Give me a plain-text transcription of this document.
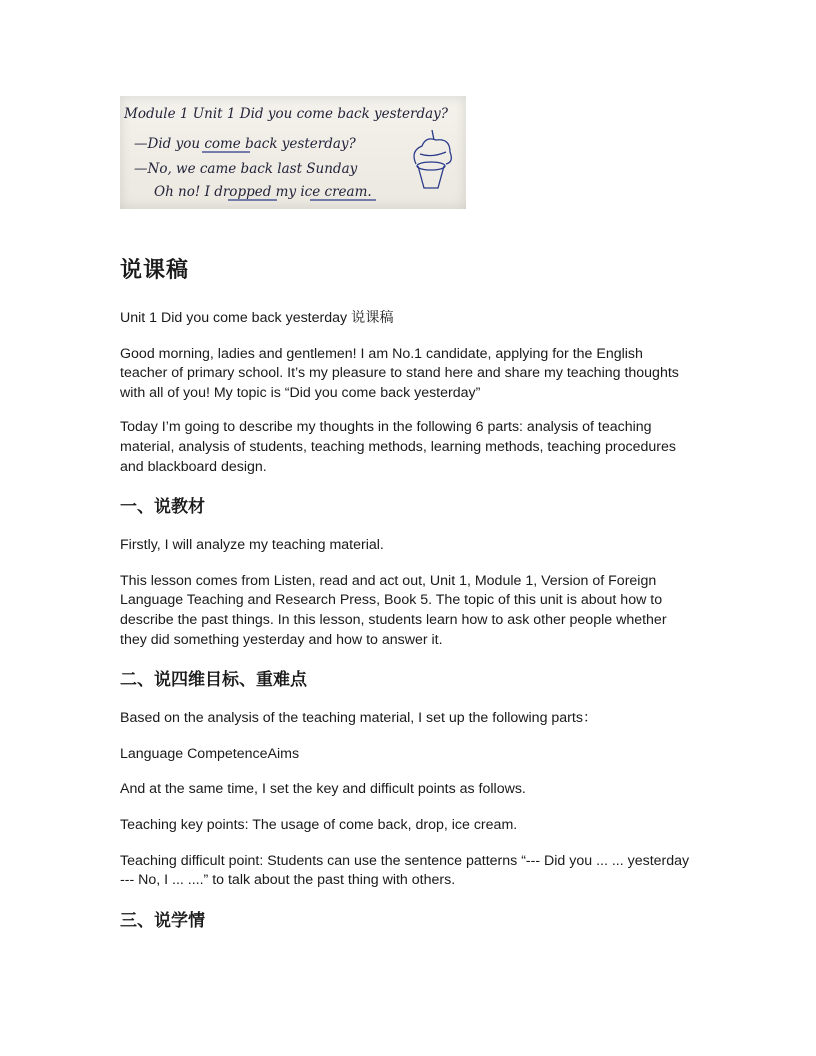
Module 1 Unit 1 Did you come back yesterday?
—Did you come back yesterday?
—No, we came back last Sunday
Oh no! I dropped my ice cream.
说课稿

Unit 1 Did you come back yesterday 说课稿

Good morning, ladies and gentlemen! I am No.1 candidate, applying for the English teacher of primary school. It’s my pleasure to stand here and share my teaching thoughts with all of you! My topic is “Did you come back yesterday”

Today I’m going to describe my thoughts in the following 6 parts: analysis of teaching material, analysis of students, teaching methods, learning methods, teaching procedures and blackboard design.

一、说教材

Firstly, I will analyze my teaching material.

This lesson comes from Listen, read and act out, Unit 1, Module 1, Version of Foreign Language Teaching and Research Press, Book 5. The topic of this unit is about how to describe the past things. In this lesson, students learn how to ask other people whether they did something yesterday and how to answer it.

二、说四维目标、重难点

Based on the analysis of the teaching material, I set up the following parts：

Language CompetenceAims

And at the same time, I set the key and difficult points as follows.

Teaching key points: The usage of come back, drop, ice cream.

Teaching difficult point: Students can use the sentence patterns “--- Did you ... ... yesterday --- No, I ... ....” to talk about the past thing with others.

三、说学情
